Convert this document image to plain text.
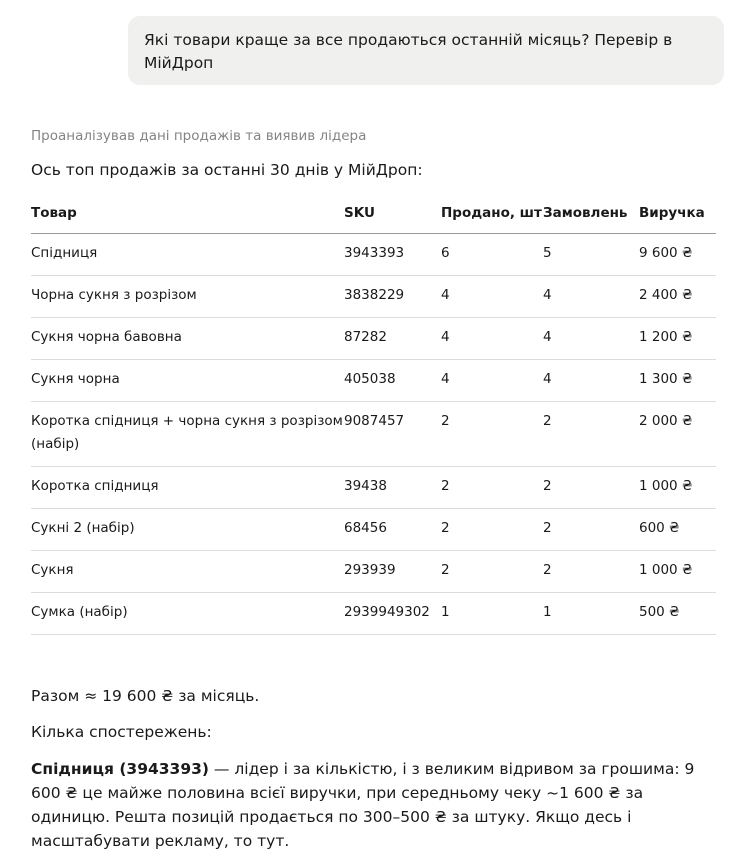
Які товари краще за все продаються останній місяць? Перевір в МійДроп
Проаналізував дані продажів та виявив лідера
Ось топ продажів за останні 30 днів у МійДроп:
Товар	SKU	Продано, шт	Замовлень	Виручка
Спідниця	3943393	6	5	9 600 ₴
Чорна сукня з розрізом	3838229	4	4	2 400 ₴
Сукня чорна бавовна	87282	4	4	1 200 ₴
Сукня чорна	405038	4	4	1 300 ₴
Коротка спідниця + чорна сукня з розрізом (набір)	9087457	2	2	2 000 ₴
Коротка спідниця	39438	2	2	1 000 ₴
Сукні 2 (набір)	68456	2	2	600 ₴
Сукня	293939	2	2	1 000 ₴
Сумка (набір)	2939949302	1	1	500 ₴
Разом ≈ 19 600 ₴ за місяць.
Кілька спостережень:

Спідниця (3943393) — лідер і за кількістю, і з великим відривом за грошима: 9 600 ₴ це майже половина всієї виручки, при середньому чеку ~1 600 ₴ за одиницю. Решта позицій продається по 300–500 ₴ за штуку. Якщо десь і масштабувати рекламу, то тут.
